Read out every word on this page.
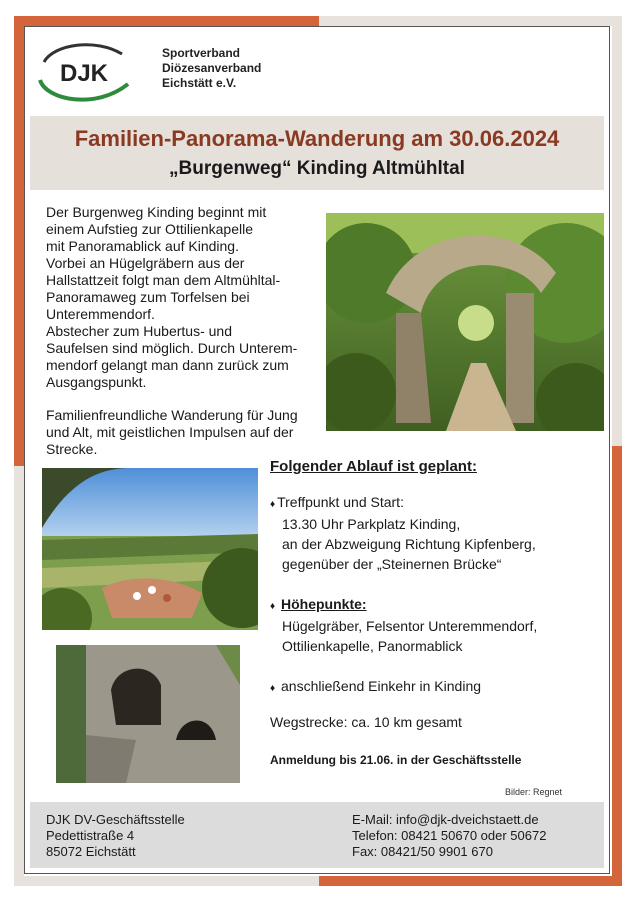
DJK
Sportverband
Diözesanverband
Eichstätt e.V.
Familien-Panorama-Wanderung am 30.06.2024
„Burgenweg“ Kinding Altmühltal

Der Burgenweg Kinding beginnt mit
einem Aufstieg zur Ottilienkapelle
mit Panoramablick auf Kinding.
Vorbei an Hügelgräbern aus der
Hallstattzeit folgt man dem Altmühltal-
Panoramaweg zum Torfelsen bei
Unteremmendorf.
Abstecher zum Hubertus- und
Saufelsen sind möglich. Durch Unterem-
mendorf gelangt man dann zurück zum
Ausgangspunkt.

Familienfreundliche Wanderung für Jung
und Alt, mit geistlichen Impulsen auf der
Strecke.

Folgender Ablauf ist geplant:
♦ Treffpunkt und Start:
13.30 Uhr Parkplatz Kinding,
an der Abzweigung Richtung Kipfenberg,
gegenüber der „Steinernen Brücke“
♦ Höhepunkte:
Hügelgräber, Felsentor Unteremmendorf,
Ottilienkapelle, Panormablick
♦ anschließend Einkehr in Kinding
Wegstrecke: ca. 10 km gesamt
Anmeldung bis 21.06. in der Geschäftsstelle
Bilder: Regnet
DJK DV-Geschäftsstelle
Pedettistraße 4
85072 Eichstätt
E-Mail: info@djk-dveichstaett.de
Telefon: 08421 50670 oder 50672
Fax: 08421/50 9901 670
